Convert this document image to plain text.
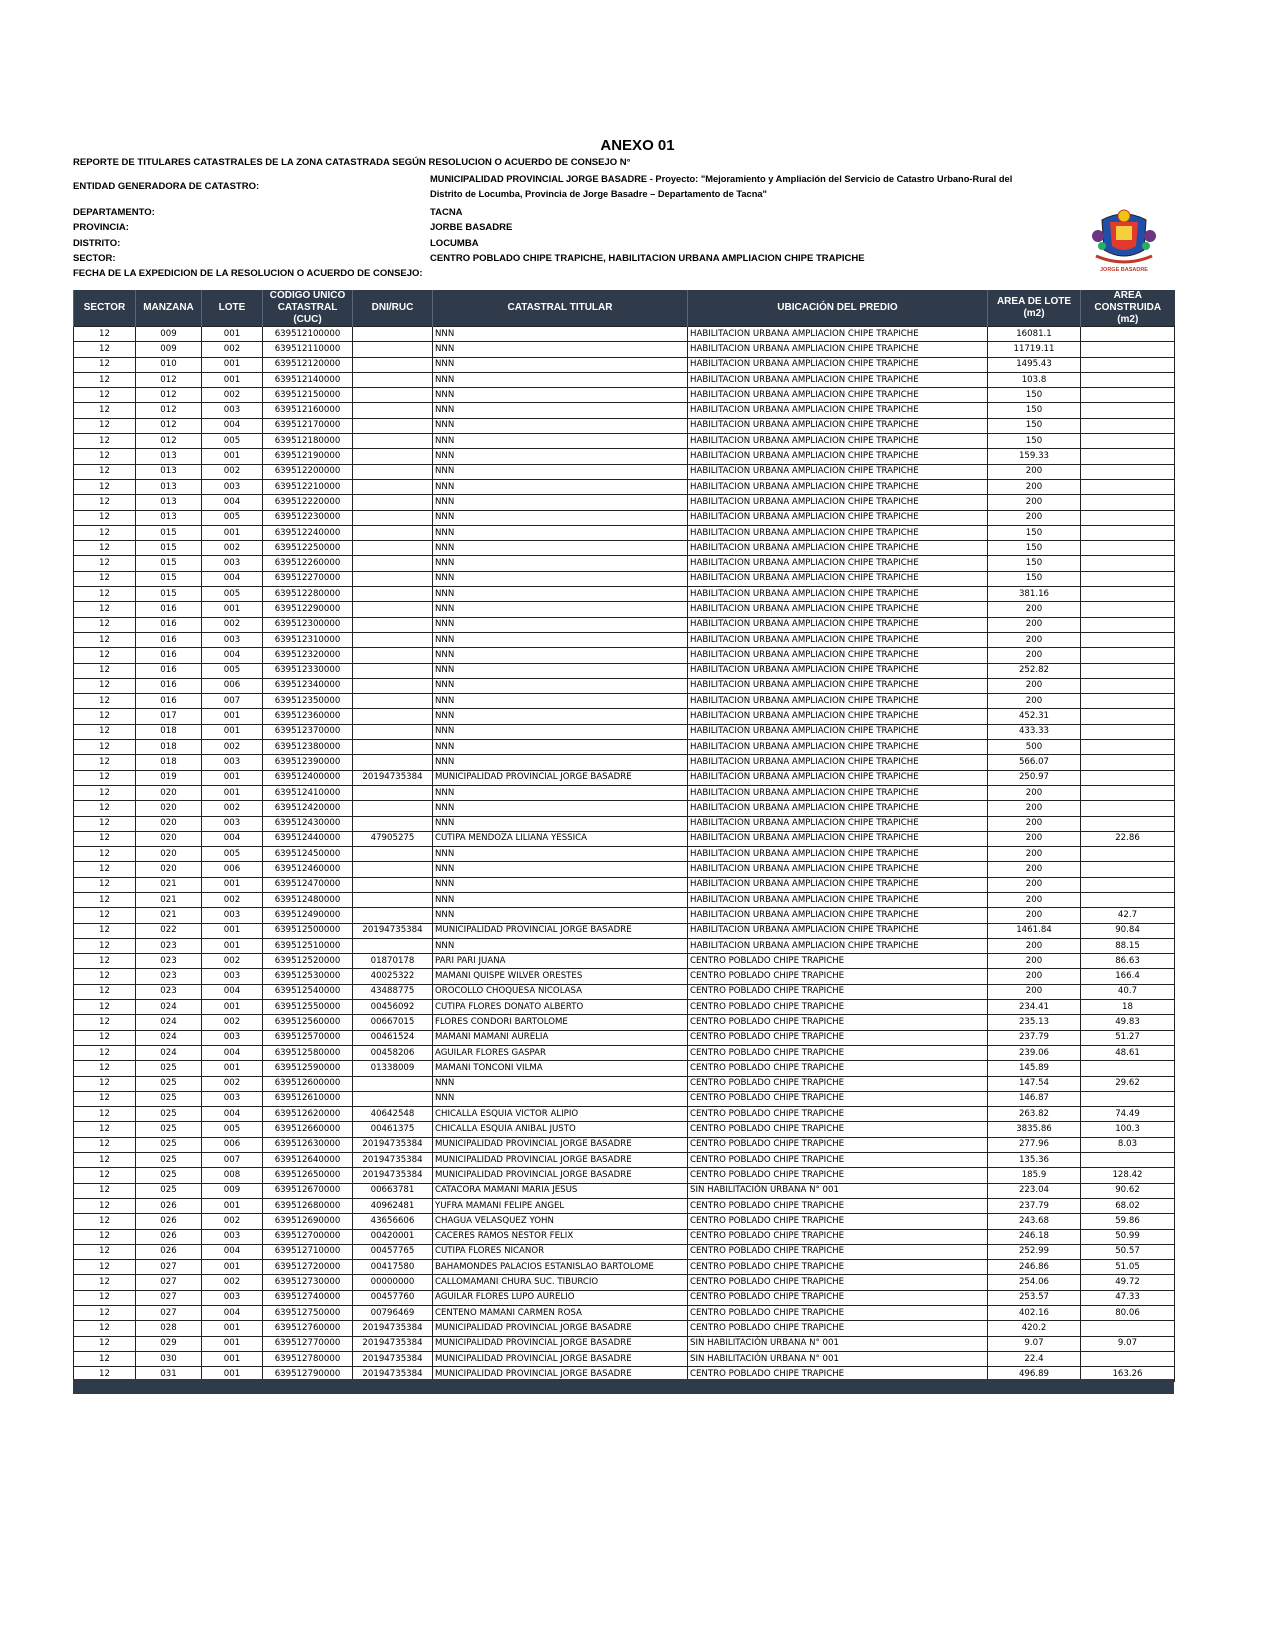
ANEXO 01
REPORTE DE TITULARES CATASTRALES DE LA ZONA CATASTRADA SEGÚN RESOLUCION O ACUERDO DE CONSEJO N°
ENTIDAD GENERADORA DE CATASTRO:
MUNICIPALIDAD PROVINCIAL JORGE BASADRE - Proyecto: "Mejoramiento y Ampliación del Servicio de Catastro Urbano-Rural del
Distrito de Locumba, Provincia de Jorge Basadre – Departamento de Tacna"
DEPARTAMENTO:	TACNA
PROVINCIA:	JORBE BASADRE
DISTRITO:	LOCUMBA
SECTOR:	CENTRO POBLADO CHIPE TRAPICHE, HABILITACION URBANA AMPLIACION CHIPE TRAPICHE
FECHA DE LA EXPEDICION DE LA RESOLUCION O ACUERDO DE CONSEJO:	JORGE BASADRE
SECTOR	MANZANA	LOTE	CÓDIGO UNICO CATASTRAL (CUC)	DNI/RUC	CATASTRAL TITULAR	UBICACIÓN DEL PREDIO	AREA DE LOTE (m2)	AREA CONSTRUIDA (m2)
12	009	001	639512100000		NNN	HABILITACION URBANA AMPLIACION CHIPE TRAPICHE	16081.1	
12	009	002	639512110000		NNN	HABILITACION URBANA AMPLIACION CHIPE TRAPICHE	11719.11	
12	010	001	639512120000		NNN	HABILITACION URBANA AMPLIACION CHIPE TRAPICHE	1495.43	
12	012	001	639512140000		NNN	HABILITACION URBANA AMPLIACION CHIPE TRAPICHE	103.8	
12	012	002	639512150000		NNN	HABILITACION URBANA AMPLIACION CHIPE TRAPICHE	150	
12	012	003	639512160000		NNN	HABILITACION URBANA AMPLIACION CHIPE TRAPICHE	150	
12	012	004	639512170000		NNN	HABILITACION URBANA AMPLIACION CHIPE TRAPICHE	150	
12	012	005	639512180000		NNN	HABILITACION URBANA AMPLIACION CHIPE TRAPICHE	150	
12	013	001	639512190000		NNN	HABILITACION URBANA AMPLIACION CHIPE TRAPICHE	159.33	
12	013	002	639512200000		NNN	HABILITACION URBANA AMPLIACION CHIPE TRAPICHE	200	
12	013	003	639512210000		NNN	HABILITACION URBANA AMPLIACION CHIPE TRAPICHE	200	
12	013	004	639512220000		NNN	HABILITACION URBANA AMPLIACION CHIPE TRAPICHE	200	
12	013	005	639512230000		NNN	HABILITACION URBANA AMPLIACION CHIPE TRAPICHE	200	
12	015	001	639512240000		NNN	HABILITACION URBANA AMPLIACION CHIPE TRAPICHE	150	
12	015	002	639512250000		NNN	HABILITACION URBANA AMPLIACION CHIPE TRAPICHE	150	
12	015	003	639512260000		NNN	HABILITACION URBANA AMPLIACION CHIPE TRAPICHE	150	
12	015	004	639512270000		NNN	HABILITACION URBANA AMPLIACION CHIPE TRAPICHE	150	
12	015	005	639512280000		NNN	HABILITACION URBANA AMPLIACION CHIPE TRAPICHE	381.16	
12	016	001	639512290000		NNN	HABILITACION URBANA AMPLIACION CHIPE TRAPICHE	200	
12	016	002	639512300000		NNN	HABILITACION URBANA AMPLIACION CHIPE TRAPICHE	200	
12	016	003	639512310000		NNN	HABILITACION URBANA AMPLIACION CHIPE TRAPICHE	200	
12	016	004	639512320000		NNN	HABILITACION URBANA AMPLIACION CHIPE TRAPICHE	200	
12	016	005	639512330000		NNN	HABILITACION URBANA AMPLIACION CHIPE TRAPICHE	252.82	
12	016	006	639512340000		NNN	HABILITACION URBANA AMPLIACION CHIPE TRAPICHE	200	
12	016	007	639512350000		NNN	HABILITACION URBANA AMPLIACION CHIPE TRAPICHE	200	
12	017	001	639512360000		NNN	HABILITACION URBANA AMPLIACION CHIPE TRAPICHE	452.31	
12	018	001	639512370000		NNN	HABILITACION URBANA AMPLIACION CHIPE TRAPICHE	433.33	
12	018	002	639512380000		NNN	HABILITACION URBANA AMPLIACION CHIPE TRAPICHE	500	
12	018	003	639512390000		NNN	HABILITACION URBANA AMPLIACION CHIPE TRAPICHE	566.07	
12	019	001	639512400000	20194735384	MUNICIPALIDAD PROVINCIAL JORGE BASADRE	HABILITACION URBANA AMPLIACION CHIPE TRAPICHE	250.97	
12	020	001	639512410000		NNN	HABILITACION URBANA AMPLIACION CHIPE TRAPICHE	200	
12	020	002	639512420000		NNN	HABILITACION URBANA AMPLIACION CHIPE TRAPICHE	200	
12	020	003	639512430000		NNN	HABILITACION URBANA AMPLIACION CHIPE TRAPICHE	200	
12	020	004	639512440000	47905275	CUTIPA MENDOZA LILIANA YESSICA	HABILITACION URBANA AMPLIACION CHIPE TRAPICHE	200	22.86
12	020	005	639512450000		NNN	HABILITACION URBANA AMPLIACION CHIPE TRAPICHE	200	
12	020	006	639512460000		NNN	HABILITACION URBANA AMPLIACION CHIPE TRAPICHE	200	
12	021	001	639512470000		NNN	HABILITACION URBANA AMPLIACION CHIPE TRAPICHE	200	
12	021	002	639512480000		NNN	HABILITACION URBANA AMPLIACION CHIPE TRAPICHE	200	
12	021	003	639512490000		NNN	HABILITACION URBANA AMPLIACION CHIPE TRAPICHE	200	42.7
12	022	001	639512500000	20194735384	MUNICIPALIDAD PROVINCIAL JORGE BASADRE	HABILITACION URBANA AMPLIACION CHIPE TRAPICHE	1461.84	90.84
12	023	001	639512510000		NNN	HABILITACION URBANA AMPLIACION CHIPE TRAPICHE	200	88.15
12	023	002	639512520000	01870178	PARI PARI JUANA	CENTRO POBLADO CHIPE TRAPICHE	200	86.63
12	023	003	639512530000	40025322	MAMANI QUISPE WILVER ORESTES	CENTRO POBLADO CHIPE TRAPICHE	200	166.4
12	023	004	639512540000	43488775	OROCOLLO CHOQUESA NICOLASA	CENTRO POBLADO CHIPE TRAPICHE	200	40.7
12	024	001	639512550000	00456092	CUTIPA FLORES DONATO ALBERTO	CENTRO POBLADO CHIPE TRAPICHE	234.41	18
12	024	002	639512560000	00667015	FLORES CONDORI BARTOLOME	CENTRO POBLADO CHIPE TRAPICHE	235.13	49.83
12	024	003	639512570000	00461524	MAMANI MAMANI AURELIA	CENTRO POBLADO CHIPE TRAPICHE	237.79	51.27
12	024	004	639512580000	00458206	AGUILAR FLORES GASPAR	CENTRO POBLADO CHIPE TRAPICHE	239.06	48.61
12	025	001	639512590000	01338009	MAMANI TONCONI VILMA	CENTRO POBLADO CHIPE TRAPICHE	145.89	
12	025	002	639512600000		NNN	CENTRO POBLADO CHIPE TRAPICHE	147.54	29.62
12	025	003	639512610000		NNN	CENTRO POBLADO CHIPE TRAPICHE	146.87	
12	025	004	639512620000	40642548	CHICALLA ESQUIA VICTOR ALIPIO	CENTRO POBLADO CHIPE TRAPICHE	263.82	74.49
12	025	005	639512660000	00461375	CHICALLA ESQUIA ANIBAL JUSTO	CENTRO POBLADO CHIPE TRAPICHE	3835.86	100.3
12	025	006	639512630000	20194735384	MUNICIPALIDAD PROVINCIAL JORGE BASADRE	CENTRO POBLADO CHIPE TRAPICHE	277.96	8.03
12	025	007	639512640000	20194735384	MUNICIPALIDAD PROVINCIAL JORGE BASADRE	CENTRO POBLADO CHIPE TRAPICHE	135.36	
12	025	008	639512650000	20194735384	MUNICIPALIDAD PROVINCIAL JORGE BASADRE	CENTRO POBLADO CHIPE TRAPICHE	185.9	128.42
12	025	009	639512670000	00663781	CATACORA MAMANI MARIA JESUS	SIN HABILITACIÓN URBANA N° 001	223.04	90.62
12	026	001	639512680000	40962481	YUFRA MAMANI FELIPE ANGEL	CENTRO POBLADO CHIPE TRAPICHE	237.79	68.02
12	026	002	639512690000	43656606	CHAGUA VELASQUEZ YOHN	CENTRO POBLADO CHIPE TRAPICHE	243.68	59.86
12	026	003	639512700000	00420001	CACERES RAMOS NESTOR FELIX	CENTRO POBLADO CHIPE TRAPICHE	246.18	50.99
12	026	004	639512710000	00457765	CUTIPA FLORES NICANOR	CENTRO POBLADO CHIPE TRAPICHE	252.99	50.57
12	027	001	639512720000	00417580	BAHAMONDES PALACIOS ESTANISLAO BARTOLOME	CENTRO POBLADO CHIPE TRAPICHE	246.86	51.05
12	027	002	639512730000	00000000	CALLOMAMANI CHURA SUC. TIBURCIO	CENTRO POBLADO CHIPE TRAPICHE	254.06	49.72
12	027	003	639512740000	00457760	AGUILAR FLORES LUPO AURELIO	CENTRO POBLADO CHIPE TRAPICHE	253.57	47.33
12	027	004	639512750000	00796469	CENTENO MAMANI CARMEN ROSA	CENTRO POBLADO CHIPE TRAPICHE	402.16	80.06
12	028	001	639512760000	20194735384	MUNICIPALIDAD PROVINCIAL JORGE BASADRE	CENTRO POBLADO CHIPE TRAPICHE	420.2	
12	029	001	639512770000	20194735384	MUNICIPALIDAD PROVINCIAL JORGE BASADRE	SIN HABILITACIÓN URBANA N° 001	9.07	9.07
12	030	001	639512780000	20194735384	MUNICIPALIDAD PROVINCIAL JORGE BASADRE	SIN HABILITACIÓN URBANA N° 001	22.4	
12	031	001	639512790000	20194735384	MUNICIPALIDAD PROVINCIAL JORGE BASADRE	CENTRO POBLADO CHIPE TRAPICHE	496.89	163.26
